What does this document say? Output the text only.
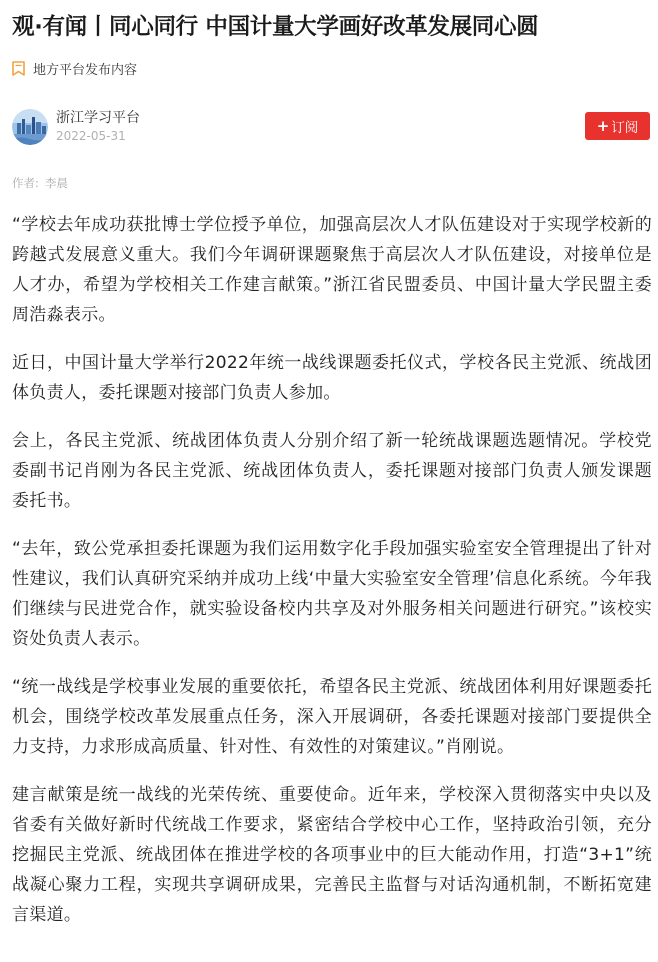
观·有闻丨同心同行 中国计量大学画好改革发展同心圆
地方平台发布内容
浙江学习平台
2022-05-31
+ 订阅
作者: 李晨

“学校去年成功获批博士学位授予单位，加强高层次人才队伍建设对于实现学校新的跨越式发展意义重大。我们今年调研课题聚焦于高层次人才队伍建设，对接单位是人才办，希望为学校相关工作建言献策。”浙江省民盟委员、中国计量大学民盟主委周浩淼表示。

近日，中国计量大学举行2022年统一战线课题委托仪式，学校各民主党派、统战团体负责人，委托课题对接部门负责人参加。

会上，各民主党派、统战团体负责人分别介绍了新一轮统战课题选题情况。学校党委副书记肖刚为各民主党派、统战团体负责人，委托课题对接部门负责人颁发课题委托书。

“去年，致公党承担委托课题为我们运用数字化手段加强实验室安全管理提出了针对性建议，我们认真研究采纳并成功上线‘中量大实验室安全管理’信息化系统。今年我们继续与民进党合作，就实验设备校内共享及对外服务相关问题进行研究。”该校实资处负责人表示。

“统一战线是学校事业发展的重要依托，希望各民主党派、统战团体利用好课题委托机会，围绕学校改革发展重点任务，深入开展调研，各委托课题对接部门要提供全力支持，力求形成高质量、针对性、有效性的对策建议。”肖刚说。

建言献策是统一战线的光荣传统、重要使命。近年来，学校深入贯彻落实中央以及省委有关做好新时代统战工作要求，紧密结合学校中心工作，坚持政治引领，充分挖掘民主党派、统战团体在推进学校的各项事业中的巨大能动作用，打造“3+1”统战凝心聚力工程，实现共享调研成果，完善民主监督与对话沟通机制，不断拓宽建言渠道。
